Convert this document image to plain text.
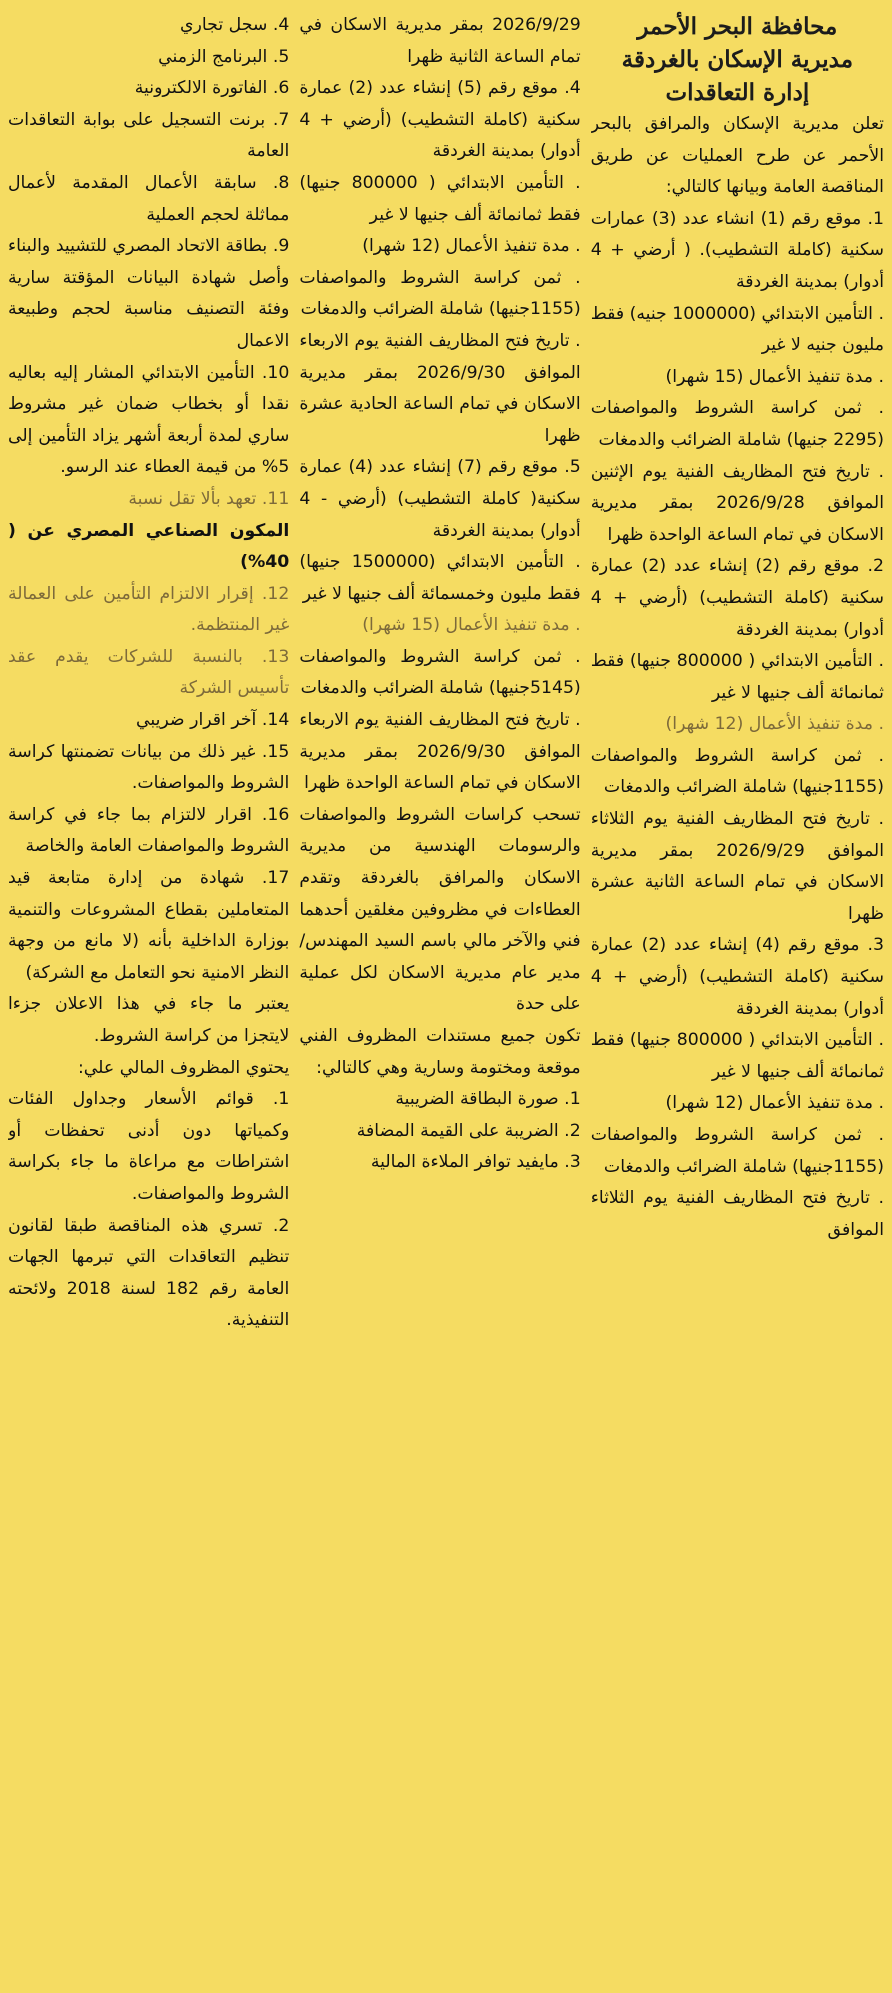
محافظة البحر الأحمر
مديرية الإسكان بالغردقة
إدارة التعاقدات

تعلن مديرية الإسكان والمرافق بالبحر الأحمر عن طرح العمليات عن طريق المناقصة العامة وبيانها كالتالي:

1. موقع رقم (1) انشاء عدد (3) عمارات سكنية (كاملة التشطيب). ( أرضي + 4 أدوار) بمدينة الغردقة

. التأمين الابتدائي (1000000 جنيه) فقط مليون جنيه لا غير

. مدة تنفيذ الأعمال (15 شهرا)

. ثمن كراسة الشروط والمواصفات (2295 جنيها) شاملة الضرائب والدمغات

. تاريخ فتح المظاريف الفنية يوم الإثنين الموافق 2026/9/28 بمقر مديرية الاسكان في تمام الساعة الواحدة ظهرا

2. موقع رقم (2) إنشاء عدد (2) عمارة سكنية (كاملة التشطيب) (أرضي + 4 أدوار) بمدينة الغردقة

. التأمين الابتدائي ( 800000 جنيها) فقط ثمانمائة ألف جنيها لا غير

. مدة تنفيذ الأعمال (12 شهرا)

. ثمن كراسة الشروط والمواصفات (1155جنيها) شاملة الضرائب والدمغات

. تاريخ فتح المظاريف الفنية يوم الثلاثاء الموافق 2026/9/29 بمقر مديرية الاسكان في تمام الساعة الثانية عشرة ظهرا

3. موقع رقم (4) إنشاء عدد (2) عمارة سكنية (كاملة التشطيب) (أرضي + 4 أدوار) بمدينة الغردقة

. التأمين الابتدائي ( 800000 جنيها) فقط ثمانمائة ألف جنيها لا غير

. مدة تنفيذ الأعمال (12 شهرا)

. ثمن كراسة الشروط والمواصفات (1155جنيها) شاملة الضرائب والدمغات

. تاريخ فتح المظاريف الفنية يوم الثلاثاء الموافق

2026/9/29 بمقر مديرية الاسكان في تمام الساعة الثانية ظهرا

4. موقع رقم (5) إنشاء عدد (2) عمارة سكنية (كاملة التشطيب) (أرضي + 4 أدوار) بمدينة الغردقة

. التأمين الابتدائي ( 800000 جنيها) فقط ثمانمائة ألف جنيها لا غير

. مدة تنفيذ الأعمال (12 شهرا)

. ثمن كراسة الشروط والمواصفات (1155جنيها) شاملة الضرائب والدمغات

. تاريخ فتح المظاريف الفنية يوم الاربعاء الموافق 2026/9/30 بمقر مديرية الاسكان في تمام الساعة الحادية عشرة ظهرا

5. موقع رقم (7) إنشاء عدد (4) عمارة سكنية( كاملة التشطيب) (أرضي - 4 أدوار) بمدينة الغردقة

. التأمين الابتدائي (1500000 جنيها) فقط مليون وخمسمائة ألف جنيها لا غير

. مدة تنفيذ الأعمال (15 شهرا)

. ثمن كراسة الشروط والمواصفات (5145جنيها) شاملة الضرائب والدمغات

. تاريخ فتح المظاريف الفنية يوم الاربعاء الموافق 2026/9/30 بمقر مديرية الاسكان في تمام الساعة الواحدة ظهرا

تسحب كراسات الشروط والمواصفات والرسومات الهندسية من مديرية الاسكان والمرافق بالغردقة وتقدم العطاءات في مظروفين مغلقين أحدهما فني والآخر مالي باسم السيد المهندس/ مدير عام مديرية الاسكان لكل عملية على حدة

تكون جميع مستندات المظروف الفني موقعة ومختومة وسارية وهي كالتالي:

1. صورة البطاقة الضريبية

2. الضريبة على القيمة المضافة

3. مايفيد توافر الملاءة المالية

4. سجل تجاري

5. البرنامج الزمني

6. الفاتورة الالكترونية

7. برنت التسجيل على بوابة التعاقدات العامة

8. سابقة الأعمال المقدمة لأعمال مماثلة لحجم العملية

9. بطاقة الاتحاد المصري للتشييد والبناء وأصل شهادة البيانات المؤقتة سارية وفئة التصنيف مناسبة لحجم وطبيعة الاعمال

10. التأمين الابتدائي المشار إليه بعاليه نقدا أو بخطاب ضمان غير مشروط ساري لمدة أربعة أشهر يزاد التأمين إلى 5% من قيمة العطاء عند الرسو.

11. تعهد بألا تقل نسبة

المكون الصناعي المصري عن ( 40%)

12. إقرار الالتزام التأمين على العمالة غير المنتظمة.

13. بالنسبة للشركات يقدم عقد تأسيس الشركة

14. آخر اقرار ضريبي

15. غير ذلك من بيانات تضمنتها كراسة الشروط والمواصفات.

16. اقرار لالتزام بما جاء في كراسة الشروط والمواصفات العامة والخاصة

17. شهادة من إدارة متابعة قيد المتعاملين بقطاع المشروعات والتنمية بوزارة الداخلية بأنه (لا مانع من وجهة النظر الامنية نحو التعامل مع الشركة)

يعتبر ما جاء في هذا الاعلان جزءا لايتجزا من كراسة الشروط.

يحتوي المظروف المالي علي:

1. قوائم الأسعار وجداول الفئات وكمياتها دون أدنى تحفظات أو اشتراطات مع مراعاة ما جاء بكراسة الشروط والمواصفات.

2. تسري هذه المناقصة طبقا لقانون تنظيم التعاقدات التي تبرمها الجهات العامة رقم 182 لسنة 2018 ولائحته التنفيذية.
